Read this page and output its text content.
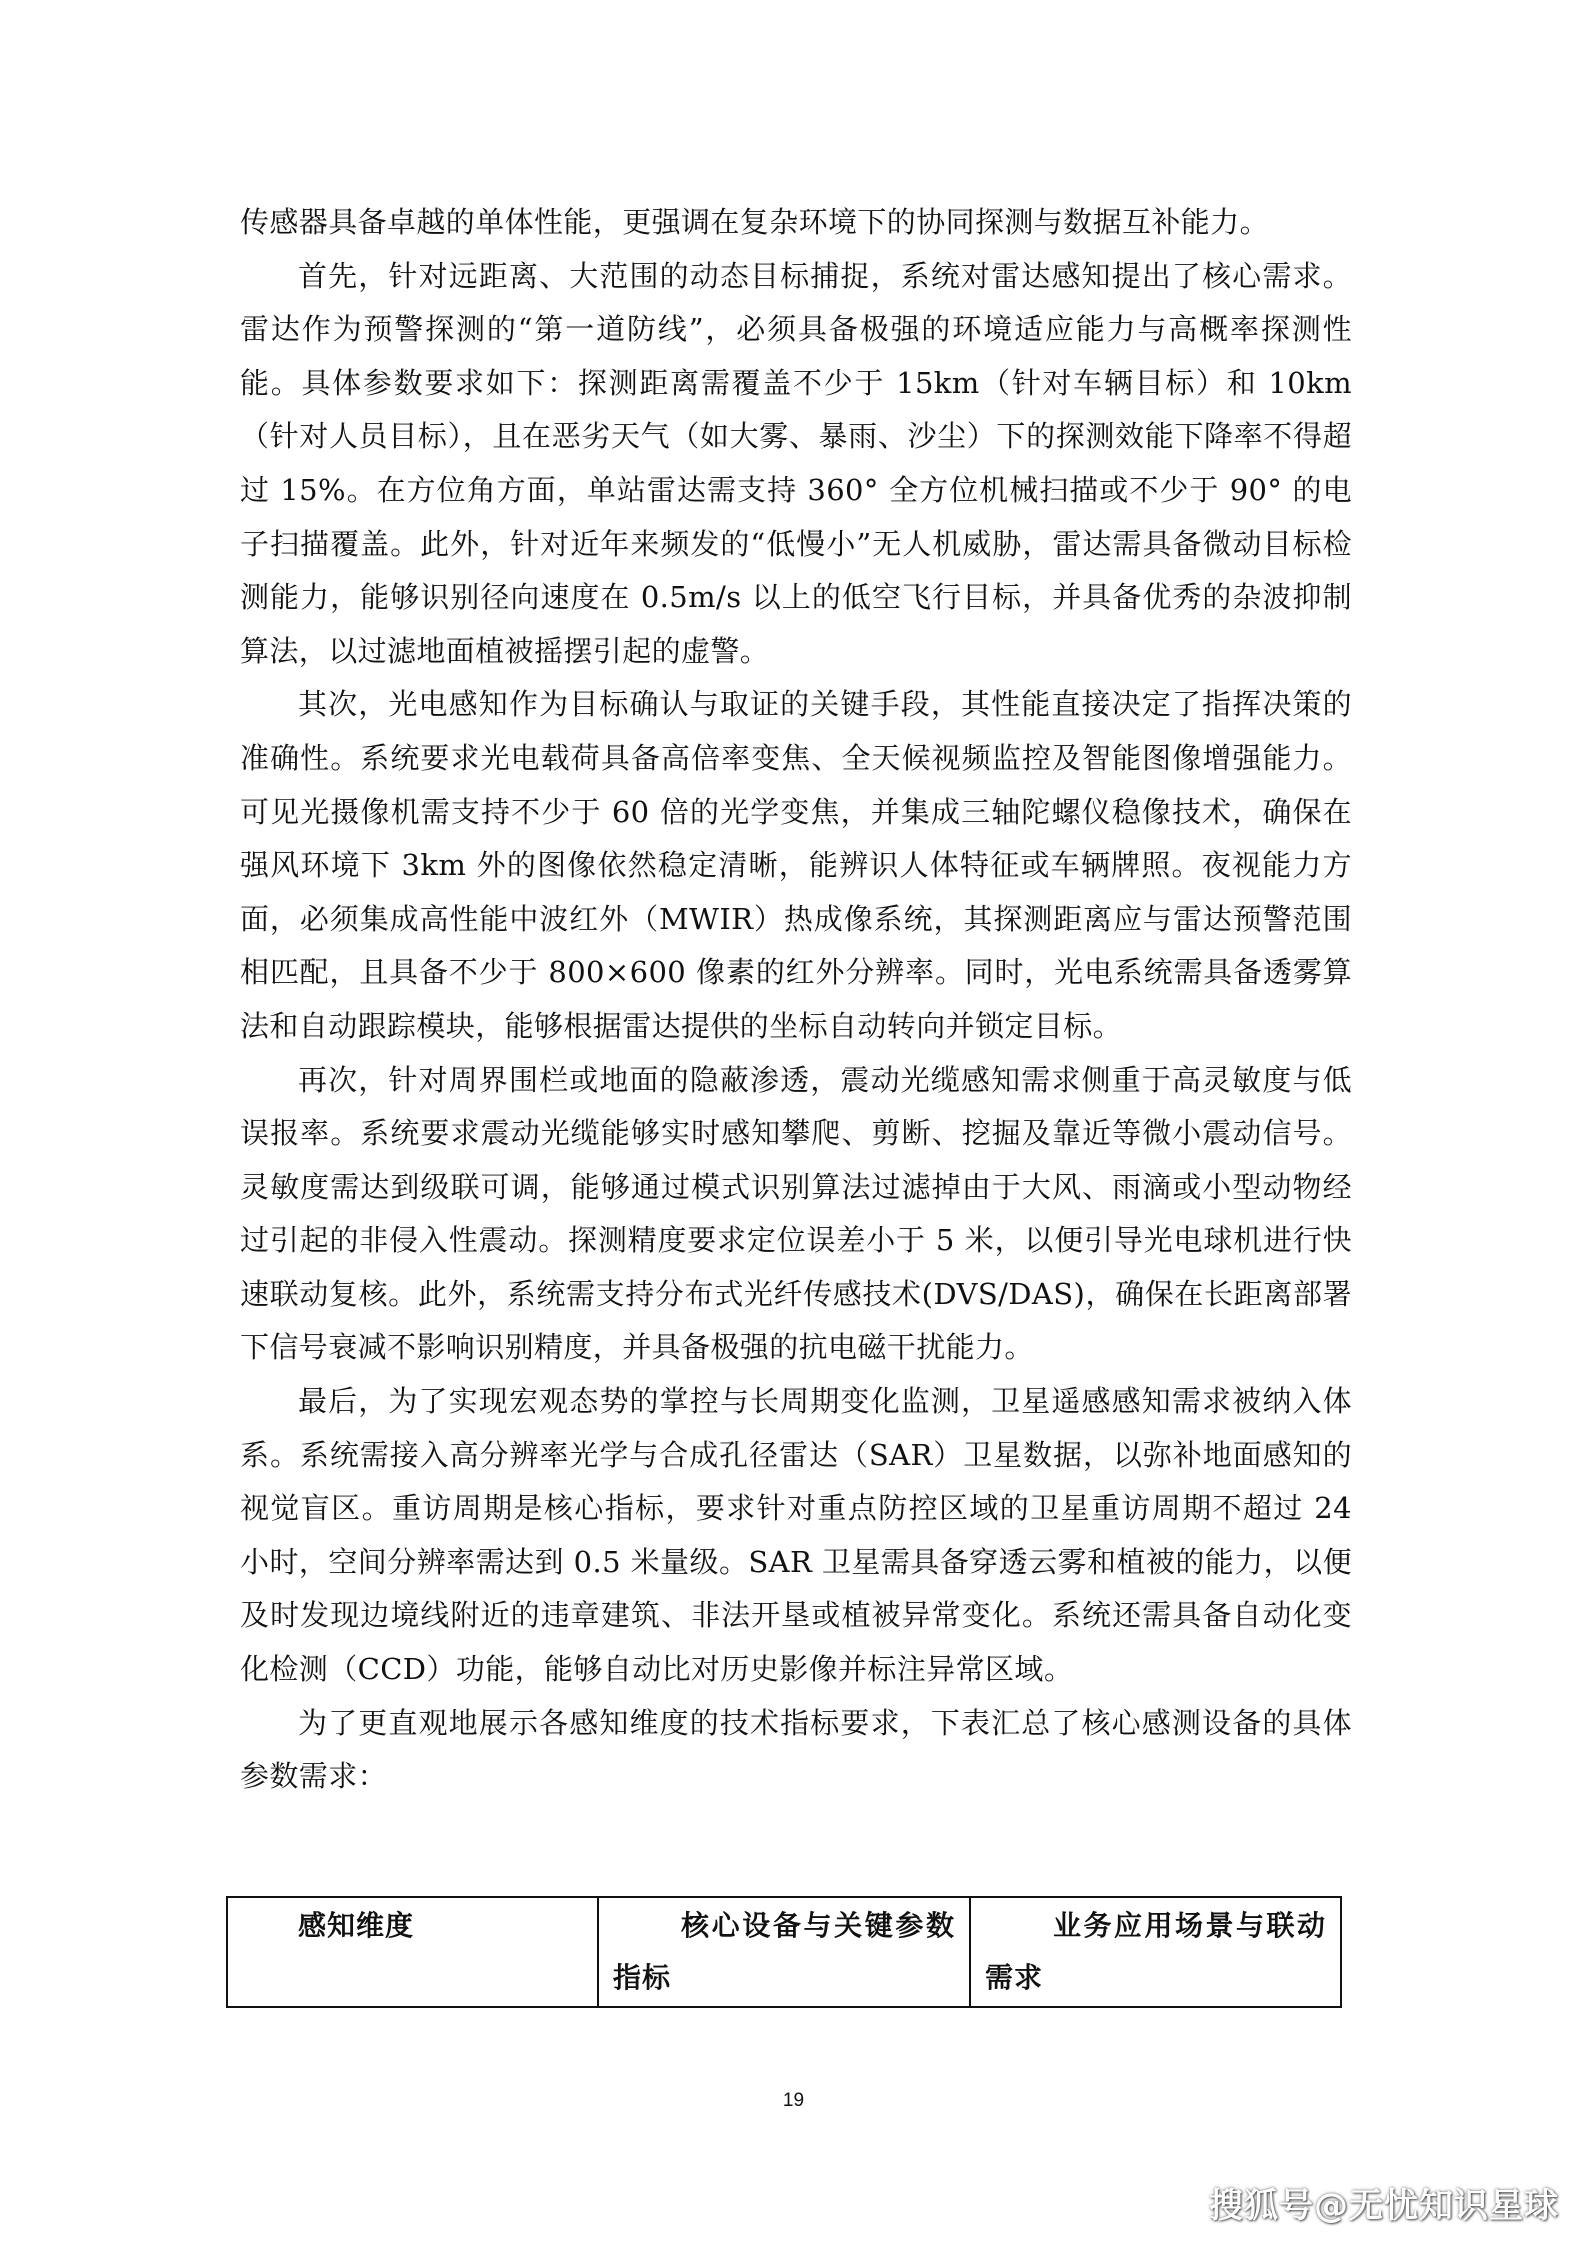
传感器具备卓越的单体性能，更强调在复杂环境下的协同探测与数据互补能力。

首先，针对远距离、大范围的动态目标捕捉，系统对雷达感知提出了核心需求。雷达作为预警探测的“第一道防线”，必须具备极强的环境适应能力与高概率探测性能。具体参数要求如下：探测距离需覆盖不少于 15km（针对车辆目标）和 10km（针对人员目标），且在恶劣天气（如大雾、暴雨、沙尘）下的探测效能下降率不得超过 15%。在方位角方面，单站雷达需支持 360° 全方位机械扫描或不少于 90° 的电子扫描覆盖。此外，针对近年来频发的“低慢小”无人机威胁，雷达需具备微动目标检测能力，能够识别径向速度在 0.5m/s 以上的低空飞行目标，并具备优秀的杂波抑制算法，以过滤地面植被摇摆引起的虚警。

其次，光电感知作为目标确认与取证的关键手段，其性能直接决定了指挥决策的准确性。系统要求光电载荷具备高倍率变焦、全天候视频监控及智能图像增强能力。可见光摄像机需支持不少于 60 倍的光学变焦，并集成三轴陀螺仪稳像技术，确保在强风环境下 3km 外的图像依然稳定清晰，能辨识人体特征或车辆牌照。夜视能力方面，必须集成高性能中波红外（MWIR）热成像系统，其探测距离应与雷达预警范围相匹配，且具备不少于 800×600 像素的红外分辨率。同时，光电系统需具备透雾算法和自动跟踪模块，能够根据雷达提供的坐标自动转向并锁定目标。

再次，针对周界围栏或地面的隐蔽渗透，震动光缆感知需求侧重于高灵敏度与低误报率。系统要求震动光缆能够实时感知攀爬、剪断、挖掘及靠近等微小震动信号。灵敏度需达到级联可调，能够通过模式识别算法过滤掉由于大风、雨滴或小型动物经过引起的非侵入性震动。探测精度要求定位误差小于 5 米，以便引导光电球机进行快速联动复核。此外，系统需支持分布式光纤传感技术(DVS/DAS)，确保在长距离部署下信号衰减不影响识别精度，并具备极强的抗电磁干扰能力。

最后，为了实现宏观态势的掌控与长周期变化监测，卫星遥感感知需求被纳入体系。系统需接入高分辨率光学与合成孔径雷达（SAR）卫星数据，以弥补地面感知的视觉盲区。重访周期是核心指标，要求针对重点防控区域的卫星重访周期不超过 24 小时，空间分辨率需达到 0.5 米量级。SAR 卫星需具备穿透云雾和植被的能力，以便及时发现边境线附近的违章建筑、非法开垦或植被异常变化。系统还需具备自动化变化检测（CCD）功能，能够自动比对历史影像并标注异常区域。

为了更直观地展示各感知维度的技术指标要求，下表汇总了核心感测设备的具体参数需求：

感知维度	核心设备与关键参数指标	业务应用场景与联动需求
19
搜狐号@无忧知识星球
